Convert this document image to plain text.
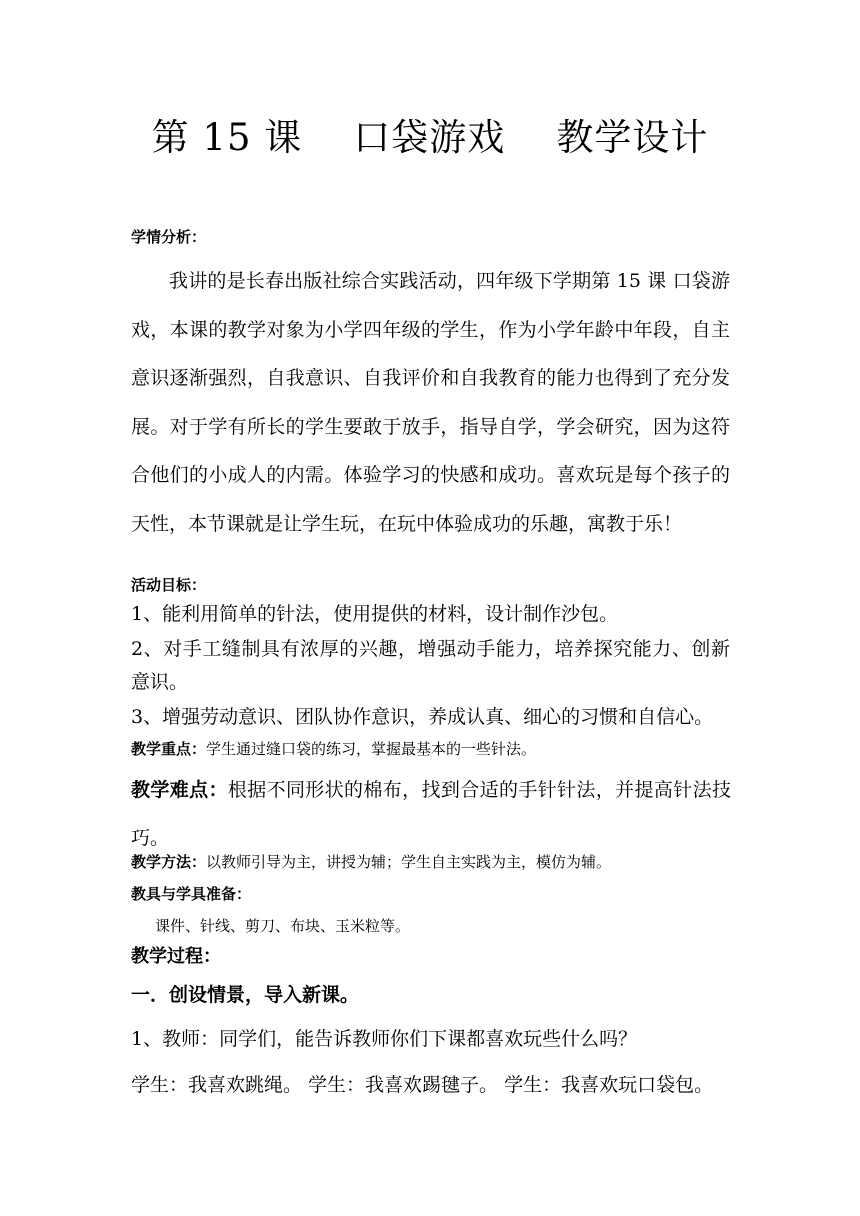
第 15 课    口袋游戏    教学设计
学情分析：
我讲的是长春出版社综合实践活动，四年级下学期第 15 课 口袋游戏，本课的教学对象为小学四年级的学生，作为小学年龄中年段，自主意识逐渐强烈，自我意识、自我评价和自我教育的能力也得到了充分发展。对于学有所长的学生要敢于放手，指导自学，学会研究，因为这符合他们的小成人的内需。体验学习的快感和成功。喜欢玩是每个孩子的天性，本节课就是让学生玩，在玩中体验成功的乐趣，寓教于乐！
活动目标：
1、能利用简单的针法，使用提供的材料，设计制作沙包。
2、对手工缝制具有浓厚的兴趣，增强动手能力，培养探究能力、创新意识。
3、增强劳动意识、团队协作意识，养成认真、细心的习惯和自信心。
教学重点：学生通过缝口袋的练习，掌握最基本的一些针法。
教学难点：根据不同形状的棉布，找到合适的手针针法，并提高针法技巧。
教学方法：以教师引导为主，讲授为辅；学生自主实践为主，模仿为辅。
教具与学具准备：
课件、针线、剪刀、布块、玉米粒等。
教学过程：
一．创设情景，导入新课。
1、教师：同学们，能告诉教师你们下课都喜欢玩些什么吗？
学生：我喜欢跳绳。 学生：我喜欢踢毽子。 学生：我喜欢玩口袋包。
